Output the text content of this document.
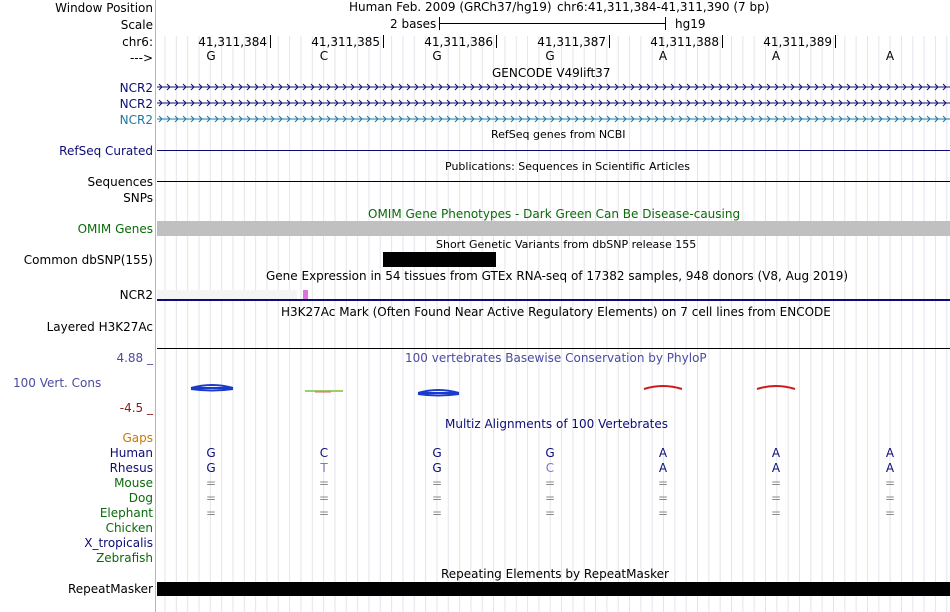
Window Position	Human Feb. 2009 (GRCh37/hg19) chr6:41,311,384-41,311,390 (7 bp)
Scale	2 bases	hg19
chr6:	41,311,384	41,311,385	41,311,386	41,311,387	41,311,388	41,311,389
--->	G	C	G	G	A	A	A
GENCODE V49lift37
NCR2
NCR2
NCR2
RefSeq genes from NCBI
RefSeq Curated
Publications: Sequences in Scientific Articles
Sequences
SNPs
OMIM Gene Phenotypes - Dark Green Can Be Disease-causing
OMIM Genes
Short Genetic Variants from dbSNP release 155
Common dbSNP(155)
Gene Expression in 54 tissues from GTEx RNA-seq of 17382 samples, 948 donors (V8, Aug 2019)
NCR2
H3K27Ac Mark (Often Found Near Active Regulatory Elements) on 7 cell lines from ENCODE
Layered H3K27Ac
100 vertebrates Basewise Conservation by PhyloP
4.88 _
100 Vert. Cons
-4.5 _
Multiz Alignments of 100 Vertebrates
Gaps
Human	G	C	G	G	A	A	A
Rhesus	G	T	G	C	A	A	A
Mouse	=	=	=	=	=	=	=
Dog	=	=	=	=	=	=	=
Elephant	=	=	=	=	=	=	=
Chicken
X_tropicalis
Zebrafish
Repeating Elements by RepeatMasker
RepeatMasker
